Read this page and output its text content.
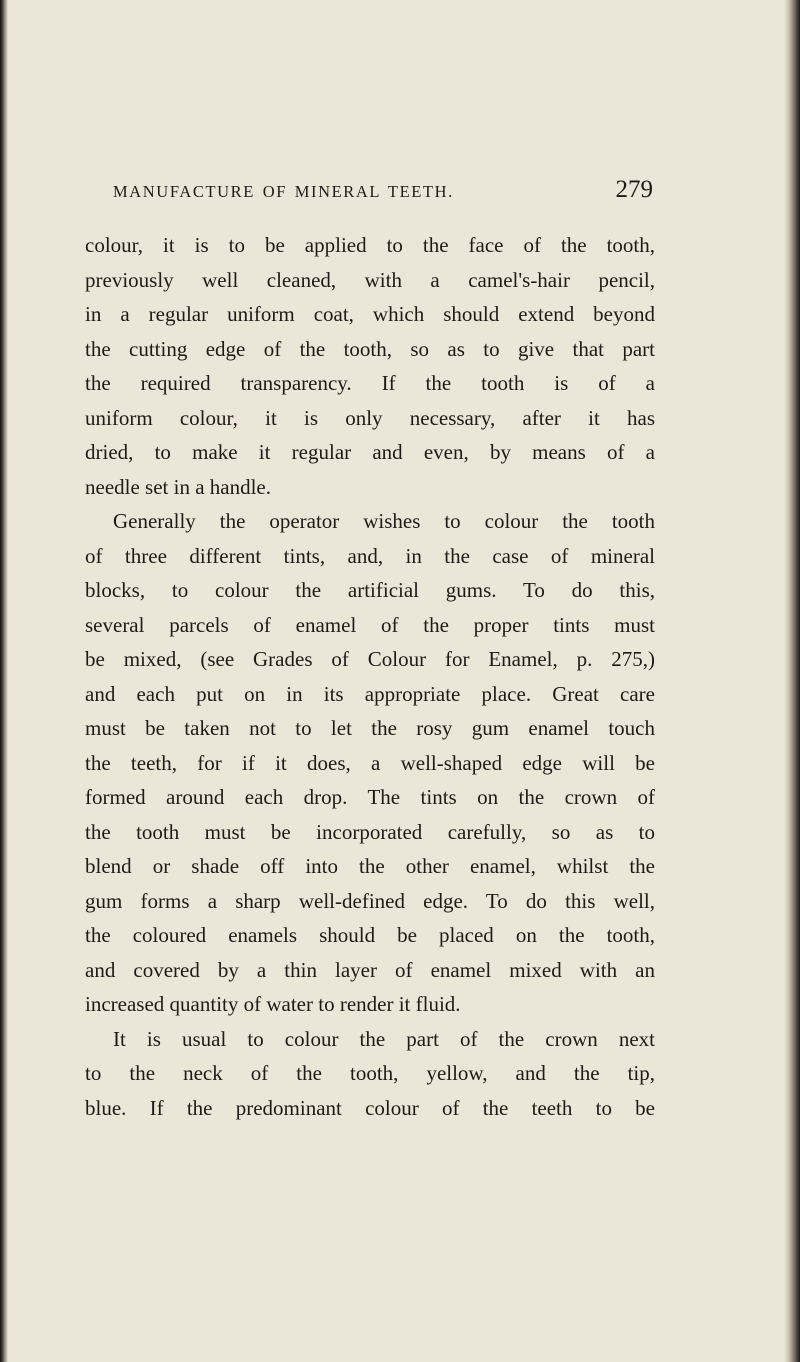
MANUFACTURE OF MINERAL TEETH.	279
colour, it is to be applied to the face of the tooth,
previously well cleaned, with a camel's-hair pencil,
in a regular uniform coat, which should extend beyond
the cutting edge of the tooth, so as to give that part
the required transparency. If the tooth is of a
uniform colour, it is only necessary, after it has
dried, to make it regular and even, by means of a
needle set in a handle.
Generally the operator wishes to colour the tooth
of three different tints, and, in the case of mineral
blocks, to colour the artificial gums. To do this,
several parcels of enamel of the proper tints must
be mixed, (see Grades of Colour for Enamel, p. 275,)
and each put on in its appropriate place. Great care
must be taken not to let the rosy gum enamel touch
the teeth, for if it does, a well-shaped edge will be
formed around each drop. The tints on the crown of
the tooth must be incorporated carefully, so as to
blend or shade off into the other enamel, whilst the
gum forms a sharp well-defined edge. To do this well,
the coloured enamels should be placed on the tooth,
and covered by a thin layer of enamel mixed with an
increased quantity of water to render it fluid.
It is usual to colour the part of the crown next
to the neck of the tooth, yellow, and the tip,
blue. If the predominant colour of the teeth to be
